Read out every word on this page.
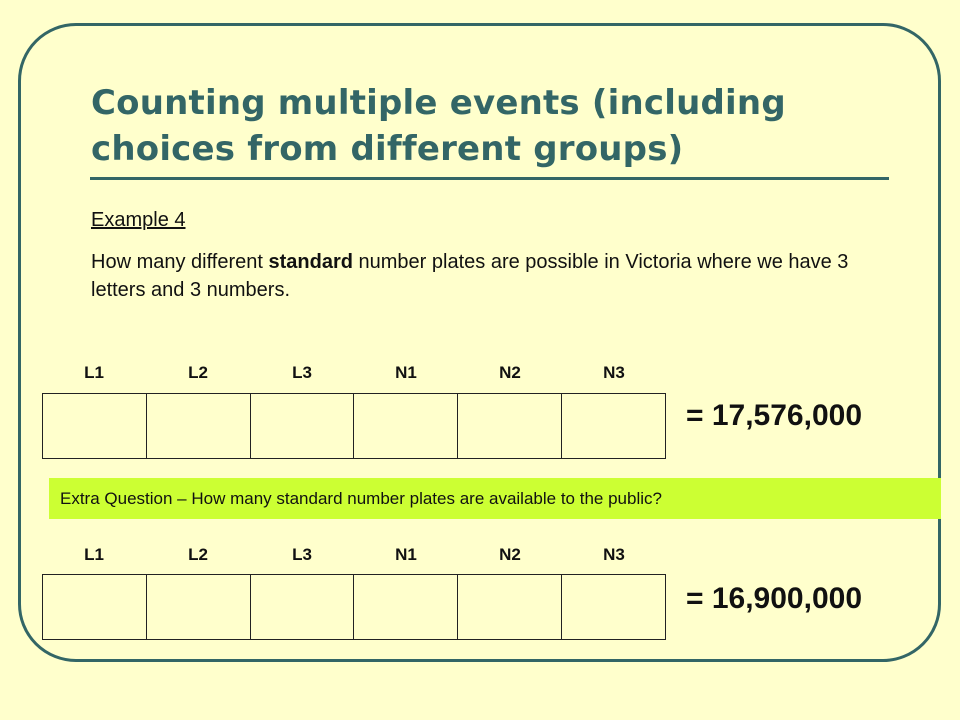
Counting multiple events (including choices from different groups)
Example 4

How many different standard number plates are possible in Victoria where we have 3 letters and 3 numbers.

L1	L2	L3	N1	N2	N3
= 17,576,000
Extra Question – How many standard number plates are available to the public?
L1	L2	L3	N1	N2	N3
= 16,900,000
